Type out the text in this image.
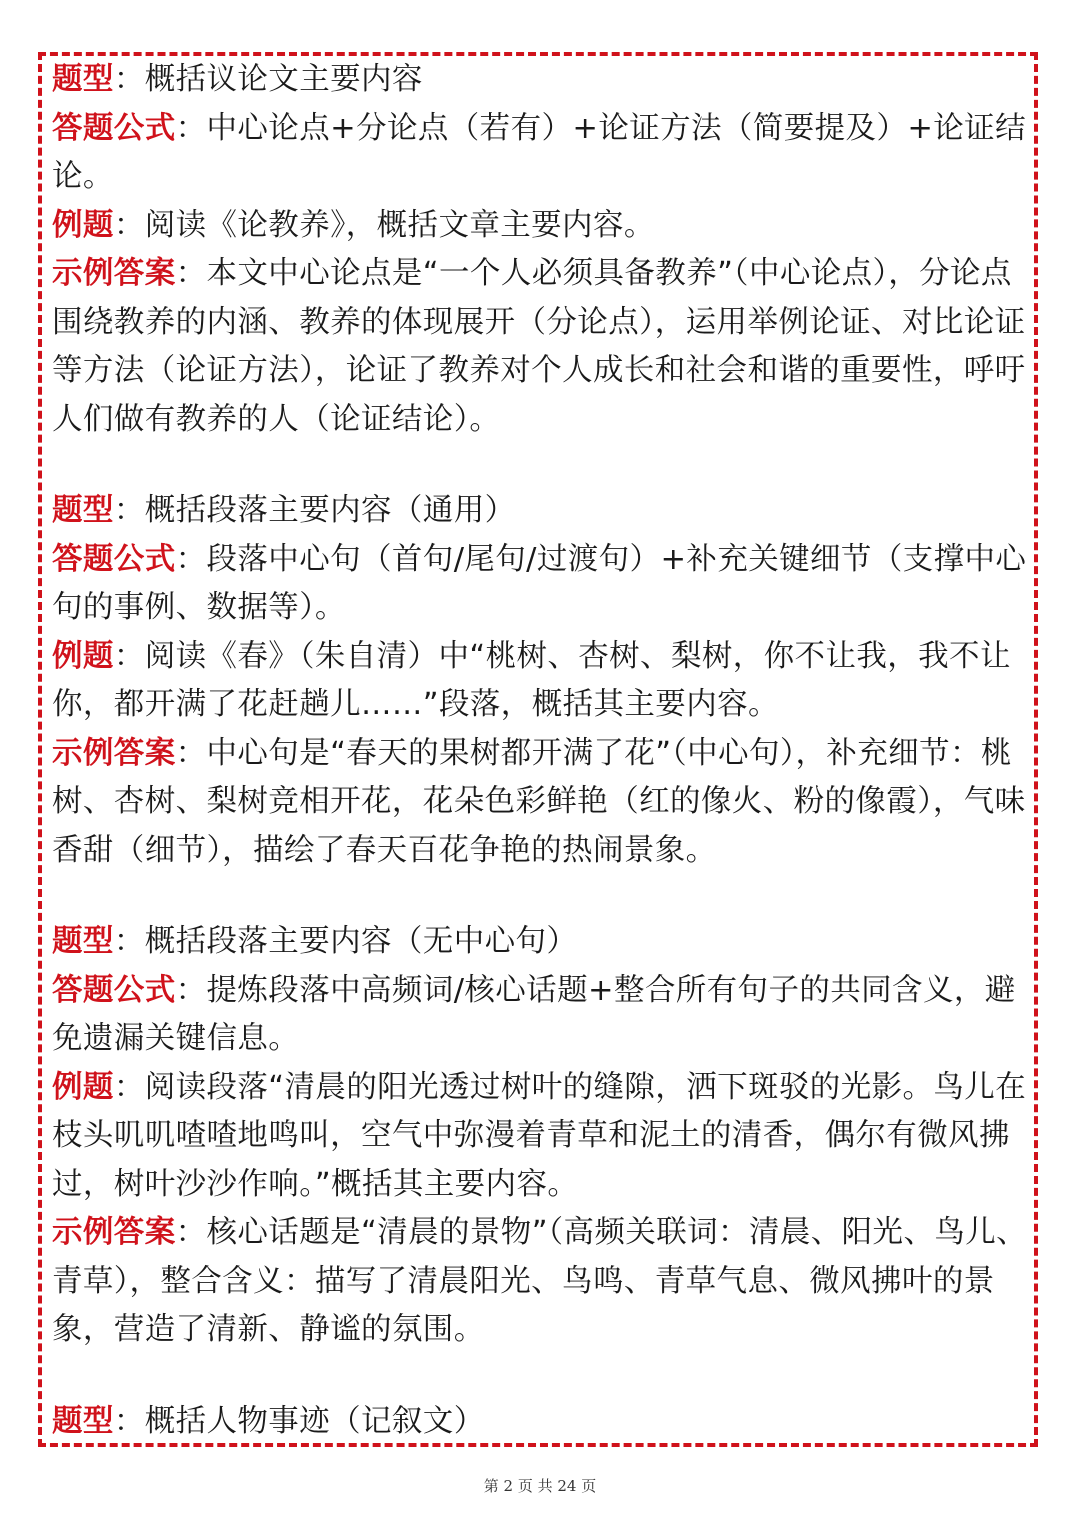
题型：概括议论文主要内容

答题公式：中心论点+分论点（若有）+论证方法（简要提及）+论证结论。

例题：阅读《论教养》，概括文章主要内容。

示例答案：本文中心论点是“一个人必须具备教养”（中心论点），分论点围绕教养的内涵、教养的体现展开（分论点），运用举例论证、对比论证等方法（论证方法），论证了教养对个人成长和社会和谐的重要性，呼吁人们做有教养的人（论证结论）。

题型：概括段落主要内容（通用）

答题公式：段落中心句（首句/尾句/过渡句）+补充关键细节（支撑中心句的事例、数据等）。

例题：阅读《春》（朱自清）中“桃树、杏树、梨树，你不让我，我不让你，都开满了花赶趟儿……”段落，概括其主要内容。

示例答案：中心句是“春天的果树都开满了花”（中心句），补充细节：桃树、杏树、梨树竞相开花，花朵色彩鲜艳（红的像火、粉的像霞），气味香甜（细节），描绘了春天百花争艳的热闹景象。

题型：概括段落主要内容（无中心句）

答题公式：提炼段落中高频词/核心话题+整合所有句子的共同含义，避免遗漏关键信息。

例题：阅读段落“清晨的阳光透过树叶的缝隙，洒下斑驳的光影。鸟儿在枝头叽叽喳喳地鸣叫，空气中弥漫着青草和泥土的清香，偶尔有微风拂过，树叶沙沙作响。”概括其主要内容。

示例答案：核心话题是“清晨的景物”（高频关联词：清晨、阳光、鸟儿、青草），整合含义：描写了清晨阳光、鸟鸣、青草气息、微风拂叶的景象，营造了清新、静谧的氛围。

题型：概括人物事迹（记叙文）

第 2 页 共 24 页
